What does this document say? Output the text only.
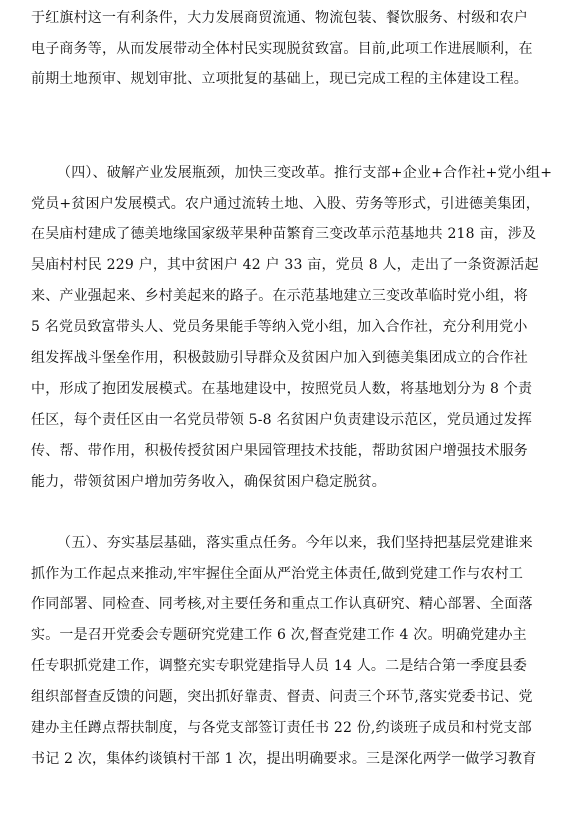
于红旗村这一有利条件，大力发展商贸流通、物流包装、餐饮服务、村级和农户
电子商务等，从而发展带动全体村民实现脱贫致富。目前,此项工作进展顺利，在
前期土地预审、规划审批、立项批复的基础上，现已完成工程的主体建设工程。
（四）、破解产业发展瓶颈，加快三变改革。推行支部+企业+合作社+党小组+
党员+贫困户发展模式。农户通过流转土地、入股、劳务等形式，引进德美集团，
在吴庙村建成了德美地缘国家级苹果种苗繁育三变改革示范基地共 218 亩，涉及
吴庙村村民 229 户，其中贫困户 42 户 33 亩，党员 8 人，走出了一条资源活起
来、产业强起来、乡村美起来的路子。在示范基地建立三变改革临时党小组，将
5 名党员致富带头人、党员务果能手等纳入党小组，加入合作社，充分利用党小
组发挥战斗堡垒作用，积极鼓励引导群众及贫困户加入到德美集团成立的合作社
中，形成了抱团发展模式。在基地建设中，按照党员人数，将基地划分为 8 个责
任区，每个责任区由一名党员带领 5-8 名贫困户负责建设示范区，党员通过发挥
传、帮、带作用，积极传授贫困户果园管理技术技能，帮助贫困户增强技术服务
能力，带领贫困户增加劳务收入，确保贫困户稳定脱贫。
（五）、夯实基层基础，落实重点任务。今年以来，我们坚持把基层党建谁来
抓作为工作起点来推动,牢牢握住全面从严治党主体责任,做到党建工作与农村工
作同部署、同检查、同考核,对主要任务和重点工作认真研究、精心部署、全面落
实。一是召开党委会专题研究党建工作 6 次,督查党建工作 4 次。明确党建办主
任专职抓党建工作，调整充实专职党建指导人员 14 人。二是结合第一季度县委
组织部督查反馈的问题，突出抓好靠责、督责、问责三个环节,落实党委书记、党
建办主任蹲点帮扶制度，与各党支部签订责任书 22 份,约谈班子成员和村党支部
书记 2 次，集体约谈镇村干部 1 次，提出明确要求。三是深化两学一做学习教育
